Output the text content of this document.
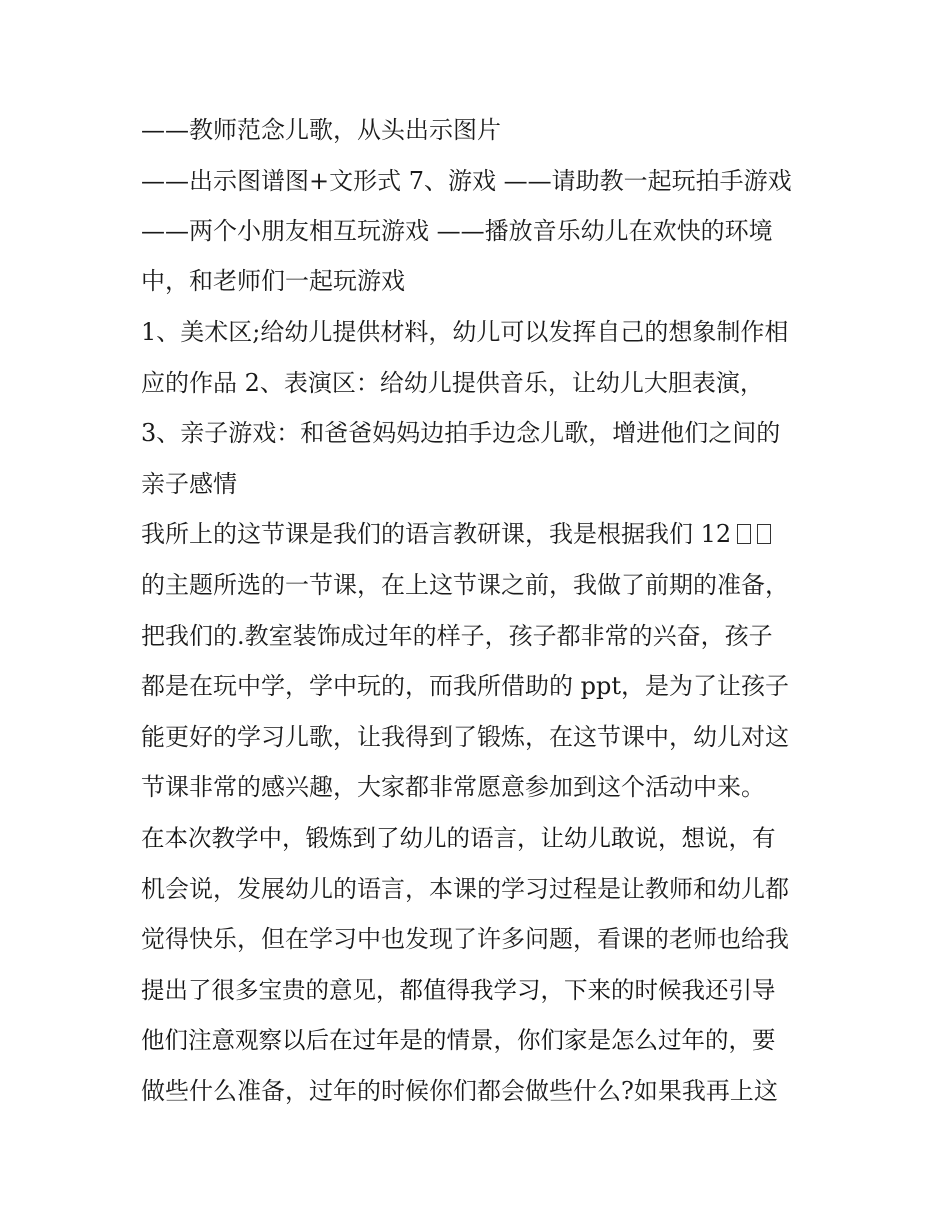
——教师范念儿歌，从头出示图片

——出示图谱图+文形式 7、游戏 ——请助教一起玩拍手游戏

——两个小朋友相互玩游戏 ——播放音乐幼儿在欢快的环境

中，和老师们一起玩游戏

1、美术区;给幼儿提供材料，幼儿可以发挥自己的想象制作相

应的作品 2、表演区：给幼儿提供音乐，让幼儿大胆表演，

3、亲子游戏：和爸爸妈妈边拍手边念儿歌，增进他们之间的

亲子感情

我所上的这节课是我们的语言教研课，我是根据我们 12

的主题所选的一节课，在上这节课之前，我做了前期的准备，

把我们的.教室装饰成过年的样子，孩子都非常的兴奋，孩子

都是在玩中学，学中玩的，而我所借助的 ppt，是为了让孩子

能更好的学习儿歌，让我得到了锻炼，在这节课中，幼儿对这

节课非常的感兴趣，大家都非常愿意参加到这个活动中来。

在本次教学中，锻炼到了幼儿的语言，让幼儿敢说，想说，有

机会说，发展幼儿的语言，本课的学习过程是让教师和幼儿都

觉得快乐，但在学习中也发现了许多问题，看课的老师也给我

提出了很多宝贵的意见，都值得我学习，下来的时候我还引导

他们注意观察以后在过年是的情景，你们家是怎么过年的，要

做些什么准备，过年的时候你们都会做些什么?如果我再上这
